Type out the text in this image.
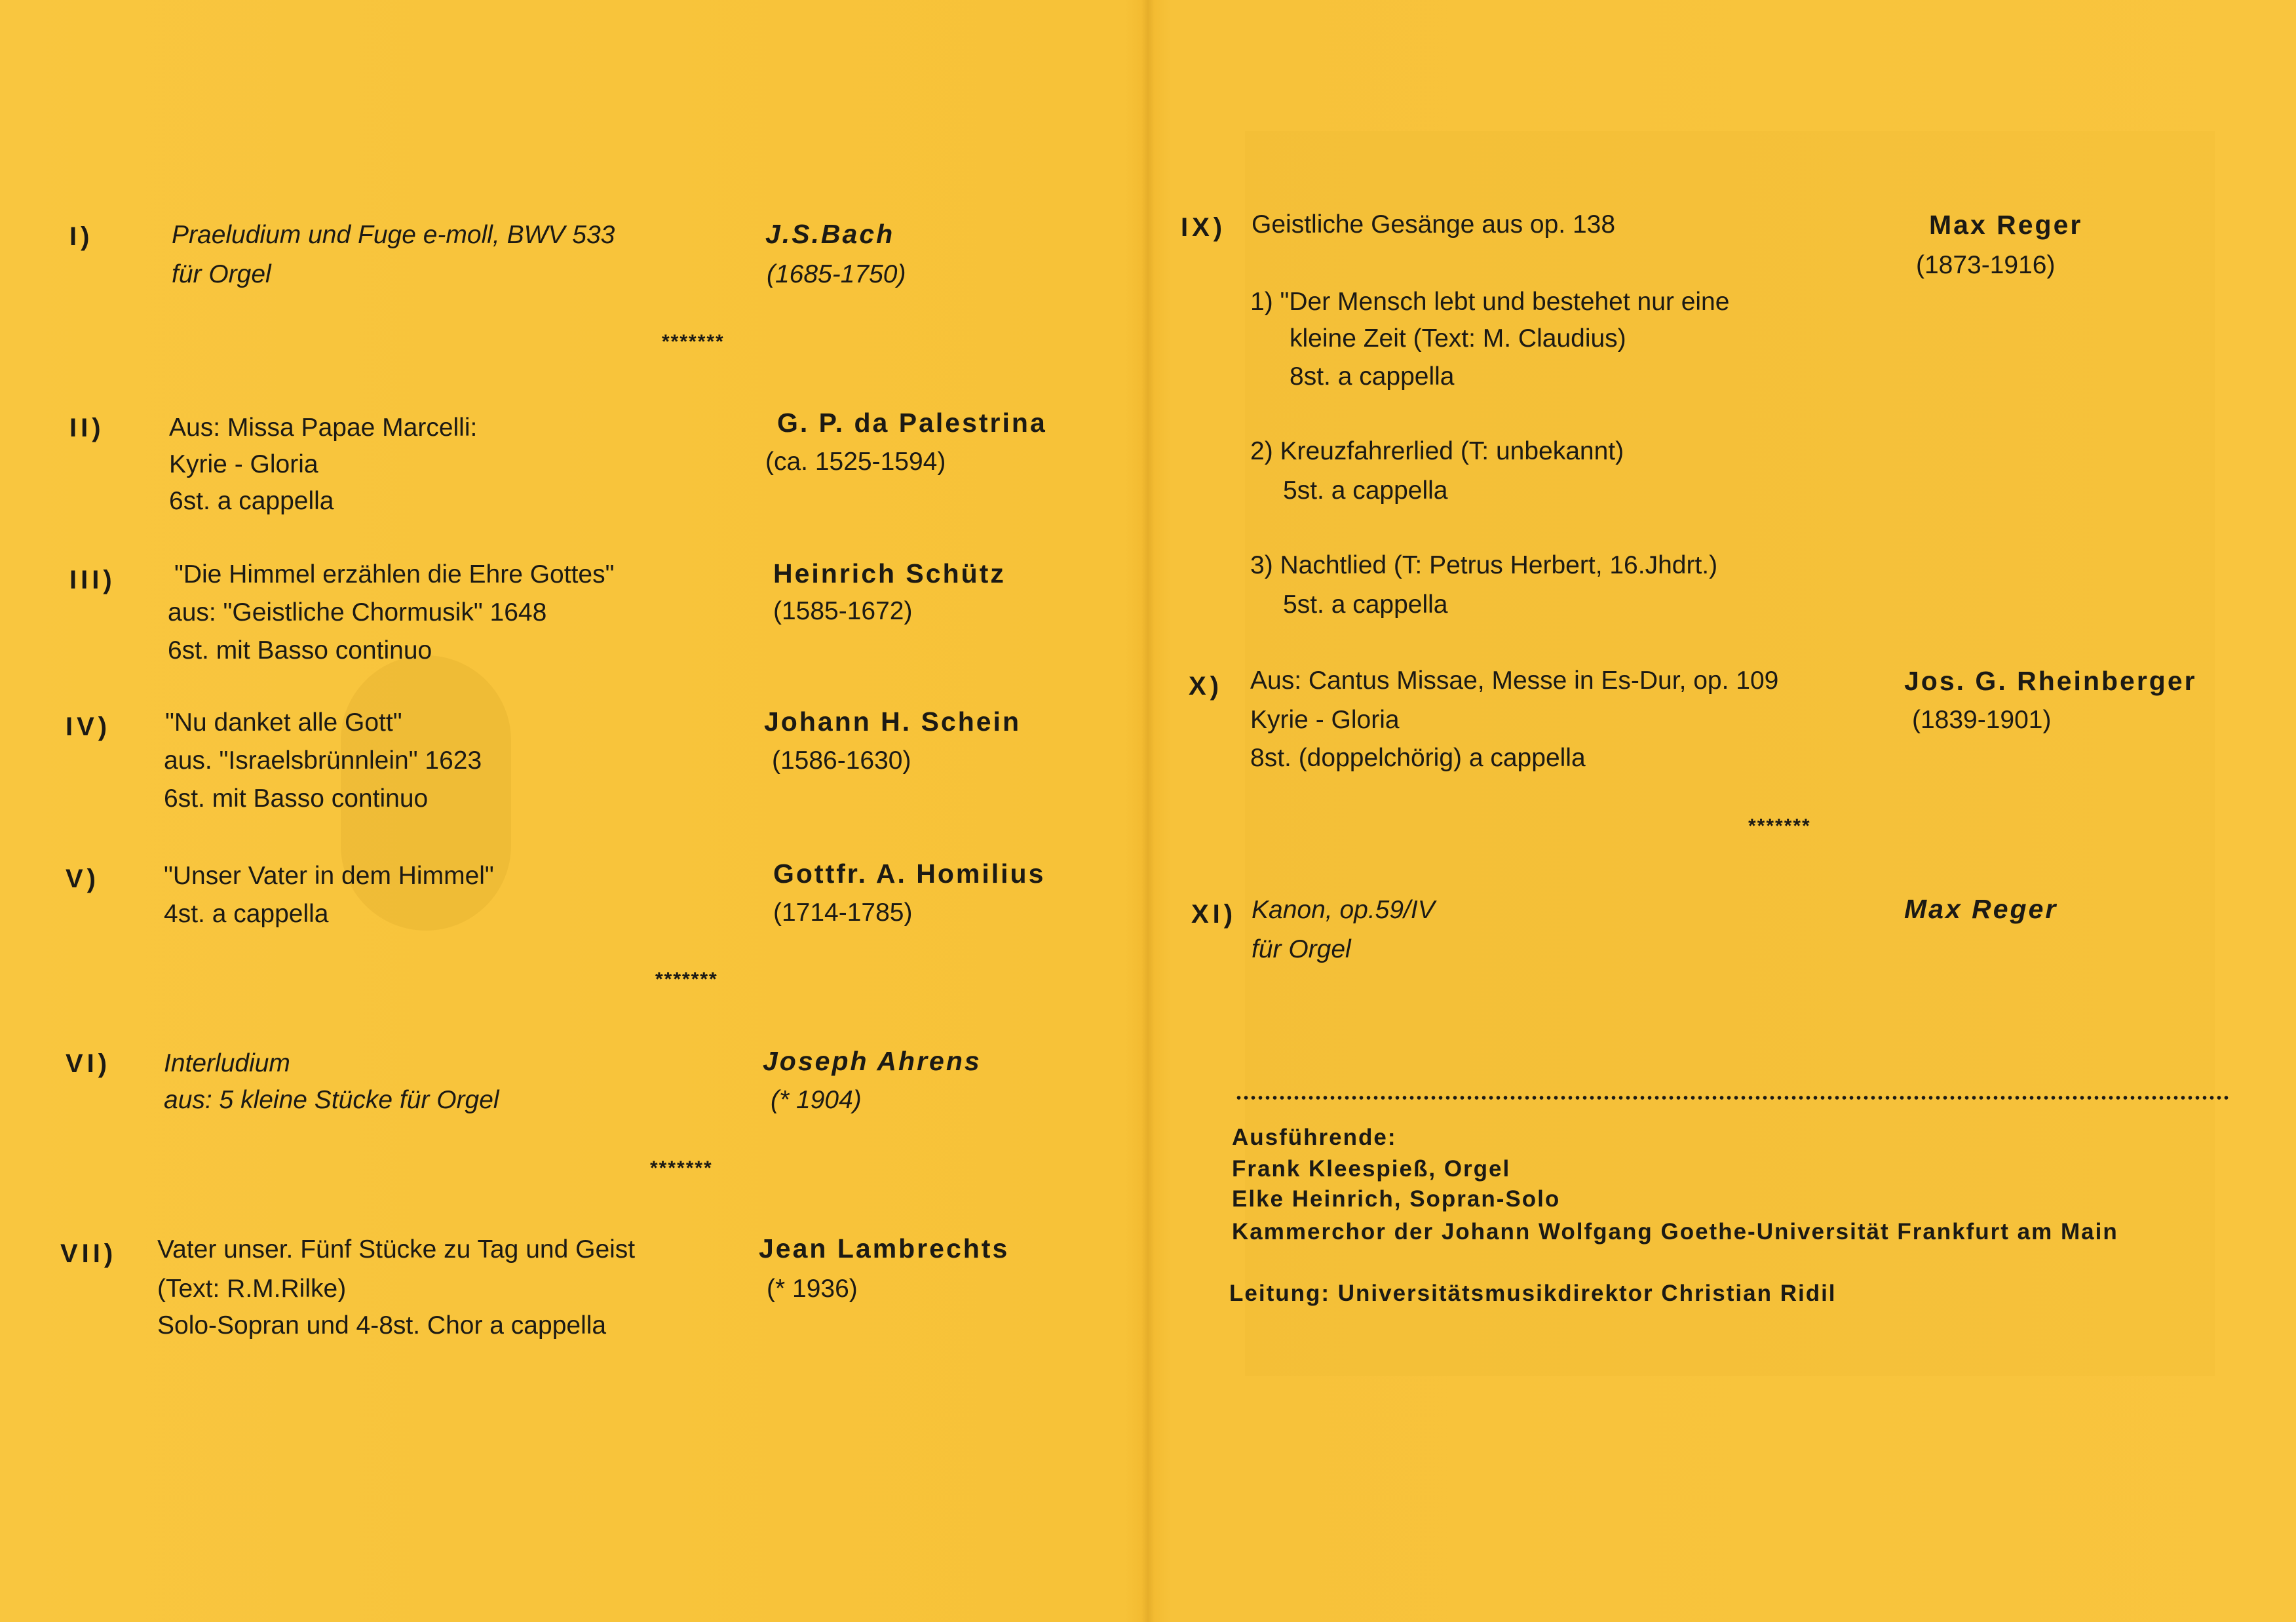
I)	Praeludium und Fuge e-moll, BWV 533
für Orgel
J.S.Bach
(1685-1750)
*******
II)	Aus: Missa Papae Marcelli:
Kyrie - Gloria
6st. a cappella
G. P. da Palestrina
(ca. 1525-1594)
III) "Die Himmel erzählen die Ehre Gottes"
aus: "Geistliche Chormusik" 1648
6st. mit Basso continuo
Heinrich Schütz
(1585-1672)
IV) "Nu danket alle Gott"
aus. "Israelsbrünnlein" 1623
6st. mit Basso continuo
Johann H. Schein
(1586-1630)
V)	"Unser Vater in dem Himmel"
4st. a cappella
Gottfr. A. Homilius
(1714-1785)
*******
VI) Interludium
aus: 5 kleine Stücke für Orgel
Joseph Ahrens
(* 1904)
*******
VII) Vater unser. Fünf Stücke zu Tag und Geist
(Text: R.M.Rilke)
Solo-Sopran und 4-8st. Chor a cappella
Jean Lambrechts
(* 1936)
IX) Geistliche Gesänge aus op. 138	Max Reger
(1873-1916)
1) "Der Mensch lebt und bestehet nur eine
kleine Zeit (Text: M. Claudius)
8st. a cappella
2) Kreuzfahrerlied (T: unbekannt)
5st. a cappella
3) Nachtlied (T: Petrus Herbert, 16.Jhdrt.)
5st. a cappella
X) Aus: Cantus Missae, Messe in Es-Dur, op. 109
Kyrie - Gloria
8st. (doppelchörig) a cappella
Jos. G. Rheinberger
(1839-1901)
*******
XI) Kanon, op.59/IV
für Orgel
Max Reger
Ausführende:
Frank Kleespieß, Orgel
Elke Heinrich, Sopran-Solo
Kammerchor der Johann Wolfgang Goethe-Universität Frankfurt am Main
Leitung: Universitätsmusikdirektor Christian Ridil
